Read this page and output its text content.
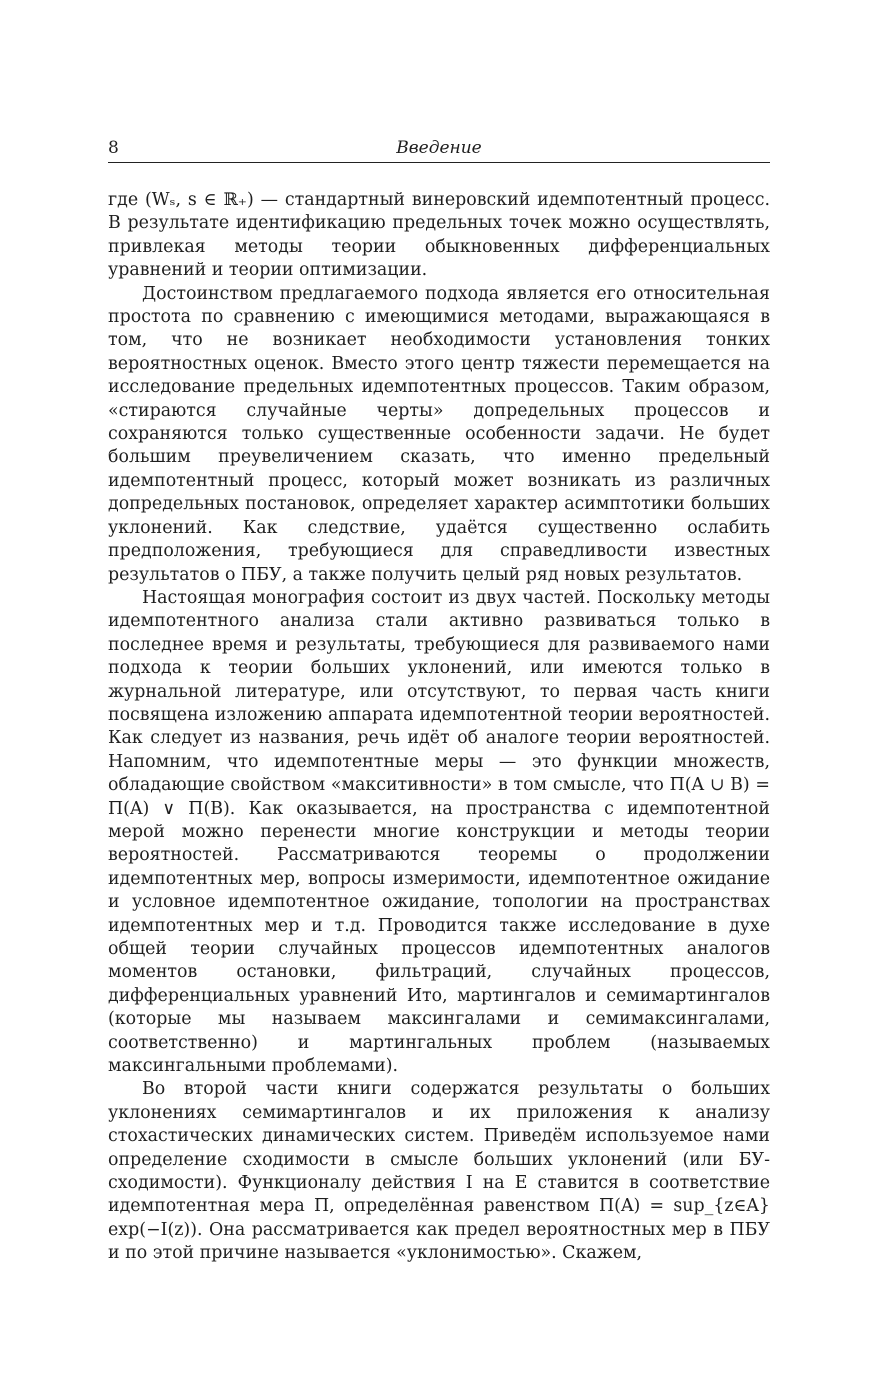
8	Введение

где (Wₛ, s ∈ ℝ₊) — стандартный винеровский идемпотентный процесс. В результате идентификацию предельных точек можно осуществлять, привлекая методы теории обыкновенных дифференциальных уравнений и теории оптимизации.

Достоинством предлагаемого подхода является его относительная простота по сравнению с имеющимися методами, выражающаяся в том, что не возникает необходимости установления тонких вероятностных оценок. Вместо этого центр тяжести перемещается на исследование предельных идемпотентных процессов. Таким образом, «стираются случайные черты» допредельных процессов и сохраняются только существенные особенности задачи. Не будет большим преувеличением сказать, что именно предельный идемпотентный процесс, который может возникать из различных допредельных постановок, определяет характер асимптотики больших уклонений. Как следствие, удаётся существенно ослабить предположения, требующиеся для справедливости известных результатов о ПБУ, а также получить целый ряд новых результатов.

Настоящая монография состоит из двух частей. Поскольку методы идемпотентного анализа стали активно развиваться только в последнее время и результаты, требующиеся для развиваемого нами подхода к теории больших уклонений, или имеются только в журнальной литературе, или отсутствуют, то первая часть книги посвящена изложению аппарата идемпотентной теории вероятностей. Как следует из названия, речь идёт об аналоге теории вероятностей. Напомним, что идемпотентные меры — это функции множеств, обладающие свойством «макситивности» в том смысле, что Π(A ∪ B) = Π(A) ∨ Π(B). Как оказывается, на пространства с идемпотентной мерой можно перенести многие конструкции и методы теории вероятностей. Рассматриваются теоремы о продолжении идемпотентных мер, вопросы измеримости, идемпотентное ожидание и условное идемпотентное ожидание, топологии на пространствах идемпотентных мер и т.д. Проводится также исследование в духе общей теории случайных процессов идемпотентных аналогов моментов остановки, фильтраций, случайных процессов, дифференциальных уравнений Ито, мартингалов и семимартингалов (которые мы называем максингалами и семимаксингалами, соответственно) и мартингальных проблем (называемых максингальными проблемами).

Во второй части книги содержатся результаты о больших уклонениях семимартингалов и их приложения к анализу стохастических динамических систем. Приведём используемое нами определение сходимости в смысле больших уклонений (или БУ-сходимости). Функционалу действия I на E ставится в соответствие идемпотентная мера Π, определённая равенством Π(A) = sup_{z∈A} exp(−I(z)). Она рассматривается как предел вероятностных мер в ПБУ и по этой причине называется «уклонимостью». Скажем,
